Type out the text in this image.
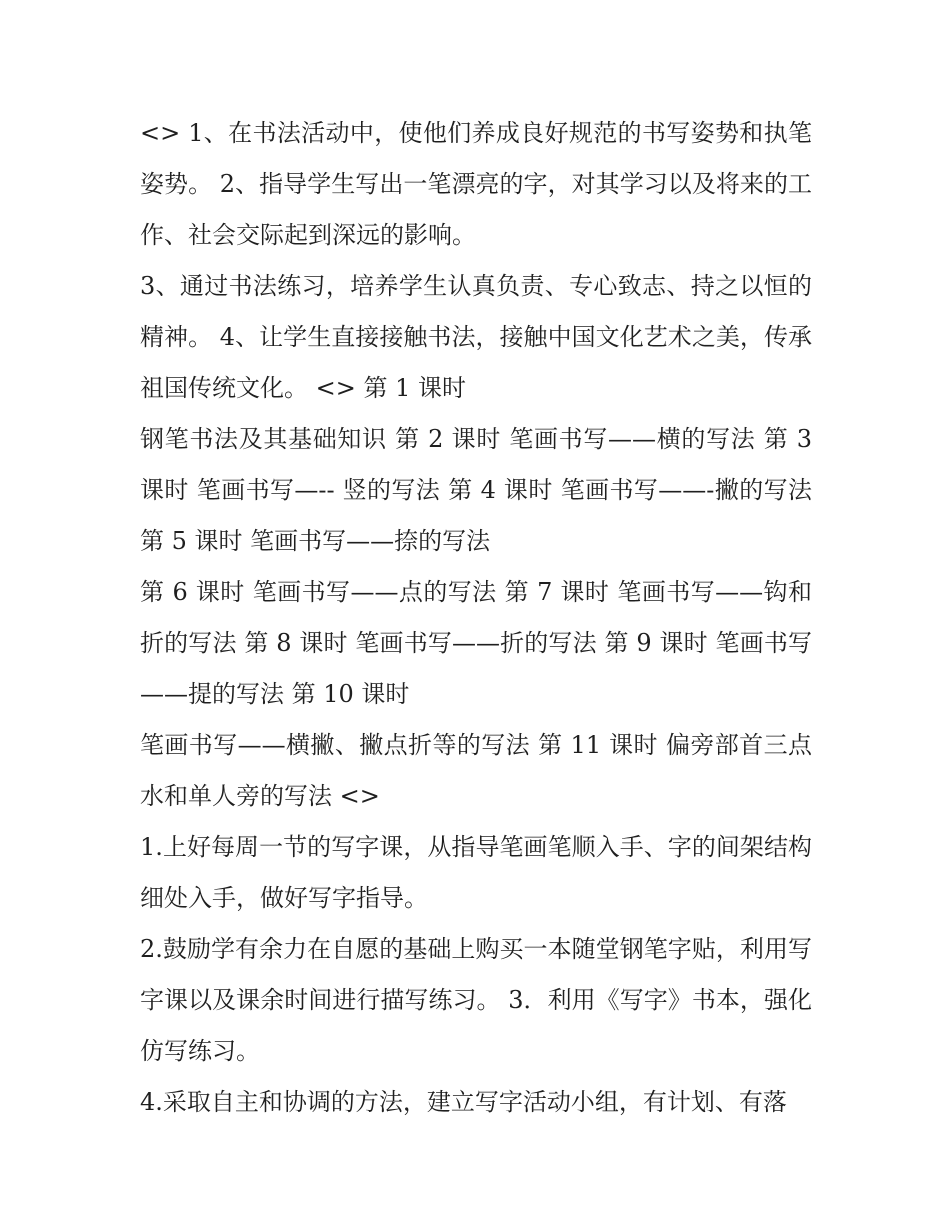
<> 1、在书法活动中，使他们养成良好规范的书写姿势和执笔姿势。 2、指导学生写出一笔漂亮的字，对其学习以及将来的工作、社会交际起到深远的影响。

3、通过书法练习，培养学生认真负责、专心致志、持之以恒的精神。 4、让学生直接接触书法，接触中国文化艺术之美，传承祖国传统文化。 <> 第 1 课时

钢笔书法及其基础知识 第 2 课时 笔画书写——横的写法 第 3 课时 笔画书写—-- 竖的写法 第 4 课时 笔画书写——-撇的写法 第 5 课时 笔画书写——捺的写法

第 6 课时 笔画书写——点的写法 第 7 课时 笔画书写——钩和折的写法 第 8 课时 笔画书写——折的写法 第 9 课时 笔画书写——提的写法 第 10 课时

笔画书写——横撇、撇点折等的写法 第 11 课时 偏旁部首三点水和单人旁的写法 <>

1.上好每周一节的写字课，从指导笔画笔顺入手、字的间架结构细处入手，做好写字指导。

2.鼓励学有余力在自愿的基础上购买一本随堂钢笔字贴，利用写字课以及课余时间进行描写练习。 3．利用《写字》书本，强化仿写练习。

4.采取自主和协调的方法，建立写字活动小组，有计划、有落
